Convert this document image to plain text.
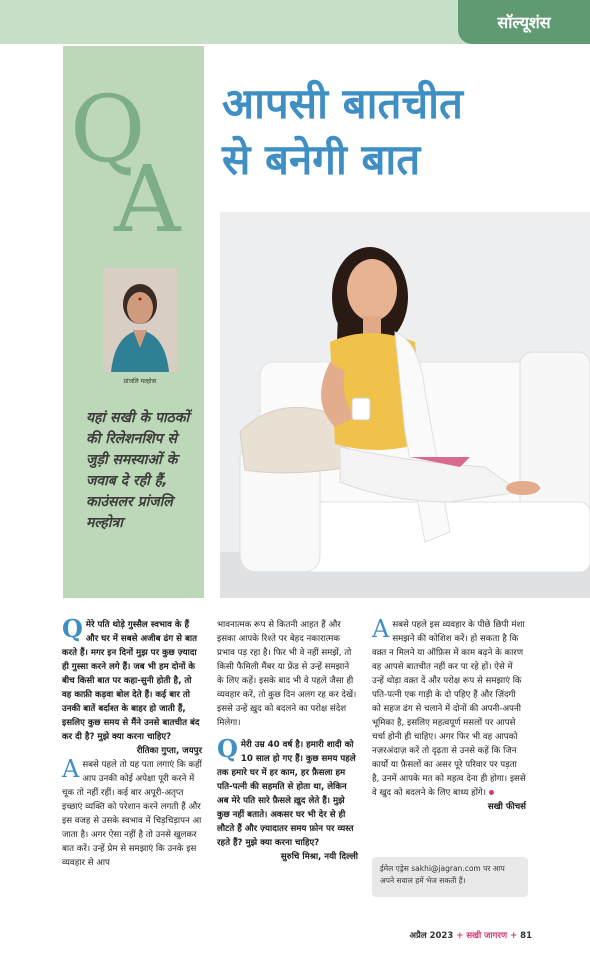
सॉल्यूशंस
Q
A
आपसी बातचीत
से बनेगी बात
प्रांजलि मल्होत्रा
यहां सखी के पाठकों की रिलेशनशिप से जुड़ी समस्याओं के जवाब दे रही हैं, काउंसलर प्रांजलि मल्होत्रा

Qमेरे पति थोड़े गुस्सैल स्वभाव के हैं और घर में सबसे अजीब ढंग से बात करते हैं। मगर इन दिनों मुझ पर कुछ ज़्यादा ही गुस्सा करने लगे हैं। जब भी हम दोनों के बीच किसी बात पर कहा-सुनी होती है, तो वह काफ़ी कड़वा बोल देते हैं। कई बार तो उनकी बातें बर्दाश्त के बाहर हो जाती हैं, इसलिए कुछ समय से मैंने उनसे बातचीत बंद कर दी है? मुझे क्या करना चाहिए?

रीतिका गुप्ता, जयपुर

Aसबसे पहले तो यह पता लगाएं कि कहीं आप उनकी कोई अपेक्षा पूरी करने में चूक तो नहीं रहीं। कई बार अपूरी-अतृप्त इच्छाएं व्यक्ति को परेशान करने लगती हैं और इस वजह से उसके स्वभाव में चिड़चिड़ापन आ जाता है। अगर ऐसा नहीं है तो उनसे खुलकर बात करें। उन्हें प्रेम से समझाएं कि उनके इस व्यवहार से आप

भावनात्मक रूप से कितनी आहत हैं और इसका आपके रिश्ते पर बेहद नकारात्मक प्रभाव पड़ रहा है। फिर भी वे नहीं समझें, तो किसी फैमिली मैंबर या फ्रेंड से उन्हें समझाने के लिए कहें। इसके बाद भी वे पहले जैसा ही व्यवहार करें, तो कुछ दिन अलग रह कर देखें। इससे उन्हें ख़ुद को बदलने का परोक्ष संदेश मिलेगा।

Qमेरी उम्र 40 वर्ष है। हमारी शादी को 10 साल हो गए हैं। कुछ समय पहले तक हमारे घर में हर काम, हर फ़ैसला हम पति-पत्नी की सहमति से होता था, लेकिन अब मेरे पति सारे फ़ैसले ख़ुद लेते हैं। मुझे कुछ नहीं बताते। अकसर घर भी देर से ही लौटते हैं और ज़्यादातर समय फ़ोन पर व्यस्त रहते हैं? मुझे क्या करना चाहिए?

सुरुचि मिश्रा, नयी दिल्ली

Aसबसे पहले इस व्यवहार के पीछे छिपी मंशा समझने की कोशिश करें। हो सकता है कि वक़्त न मिलने या ऑफ़िस में काम बढ़ने के कारण वह आपसे बातचीत नहीं कर पा रहे हों। ऐसे में उन्हें थोड़ा वक़्त दें और परोक्ष रूप से समझाएं कि पति-पत्नी एक गाड़ी के दो पहिए हैं और ज़िंदगी को सहज ढंग से चलाने में दोनों की अपनी-अपनी भूमिका है, इसलिए महत्वपूर्ण मसलों पर आपसे चर्चा होनी ही चाहिए। अगर फिर भी वह आपको नज़रअंदाज़ करें तो दृढ़ता से उनसे कहें कि जिन कार्यों या फ़ैसलों का असर पूरे परिवार पर पड़ता है, उनमें आपके मत को महत्व देना ही होगा। इससे वे खुद को बदलने के लिए बाध्य होंगे।

सखी फीचर्स

ईमेल एड्रेस sakhi@jagran.com पर आप अपने सवाल हमें भेज सकती हैं।
अप्रैल 2023 + सखी जागरण + 81
